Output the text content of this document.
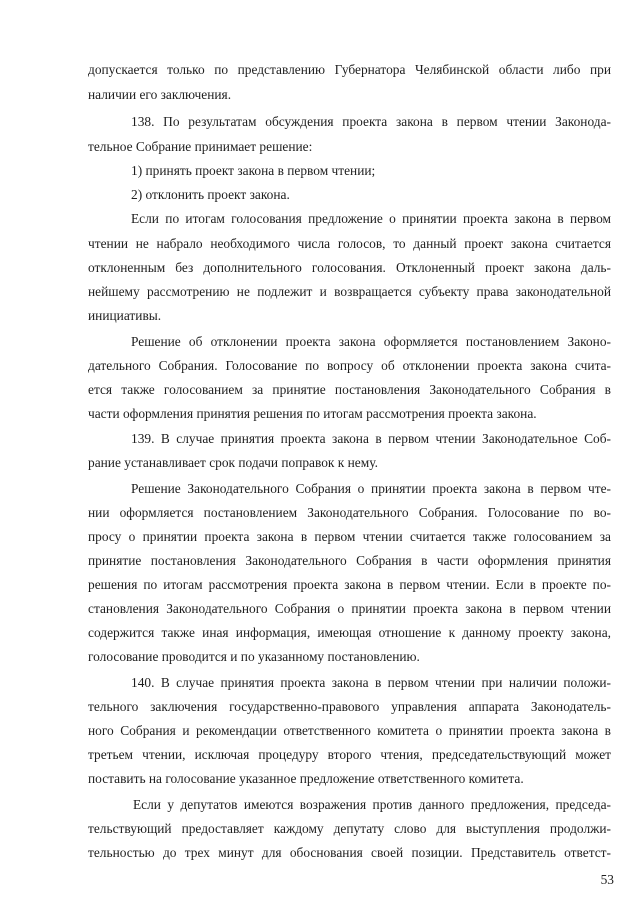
допускается только по представлению Губернатора Челябинской области либо при
наличии его заключения.
138. По результатам обсуждения проекта закона в первом чтении Законода-
тельное Собрание принимает решение:
1) принять проект закона в первом чтении;
2) отклонить проект закона.
Если по итогам голосования предложение о принятии проекта закона в первом
чтении не набрало необходимого числа голосов, то данный проект закона считается
отклоненным без дополнительного голосования. Отклоненный проект закона даль-
нейшему рассмотрению не подлежит и возвращается субъекту права законодательной
инициативы.
Решение об отклонении проекта закона оформляется постановлением Законо-
дательного Собрания. Голосование по вопросу об отклонении проекта закона счита-
ется также голосованием за принятие постановления Законодательного Собрания в
части оформления принятия решения по итогам рассмотрения проекта закона.
139. В случае принятия проекта закона в первом чтении Законодательное Соб-
рание устанавливает срок подачи поправок к нему.
Решение Законодательного Собрания о принятии проекта закона в первом чте-
нии оформляется постановлением Законодательного Собрания. Голосование по во-
просу о принятии проекта закона в первом чтении считается также голосованием за
принятие постановления Законодательного Собрания в части оформления принятия
решения по итогам рассмотрения проекта закона в первом чтении. Если в проекте по-
становления Законодательного Собрания о принятии проекта закона в первом чтении
содержится также иная информация, имеющая отношение к данному проекту закона,
голосование проводится и по указанному постановлению.
140. В случае принятия проекта закона в первом чтении при наличии положи-
тельного заключения государственно-правового управления аппарата Законодатель-
ного Собрания и рекомендации ответственного комитета о принятии проекта закона в
третьем чтении, исключая процедуру второго чтения, председательствующий может
поставить на голосование указанное предложение ответственного комитета.
Если у депутатов имеются возражения против данного предложения, председа-
тельствующий предоставляет каждому депутату слово для выступления продолжи-
тельностью до трех минут для обоснования своей позиции. Представитель ответст-
53
